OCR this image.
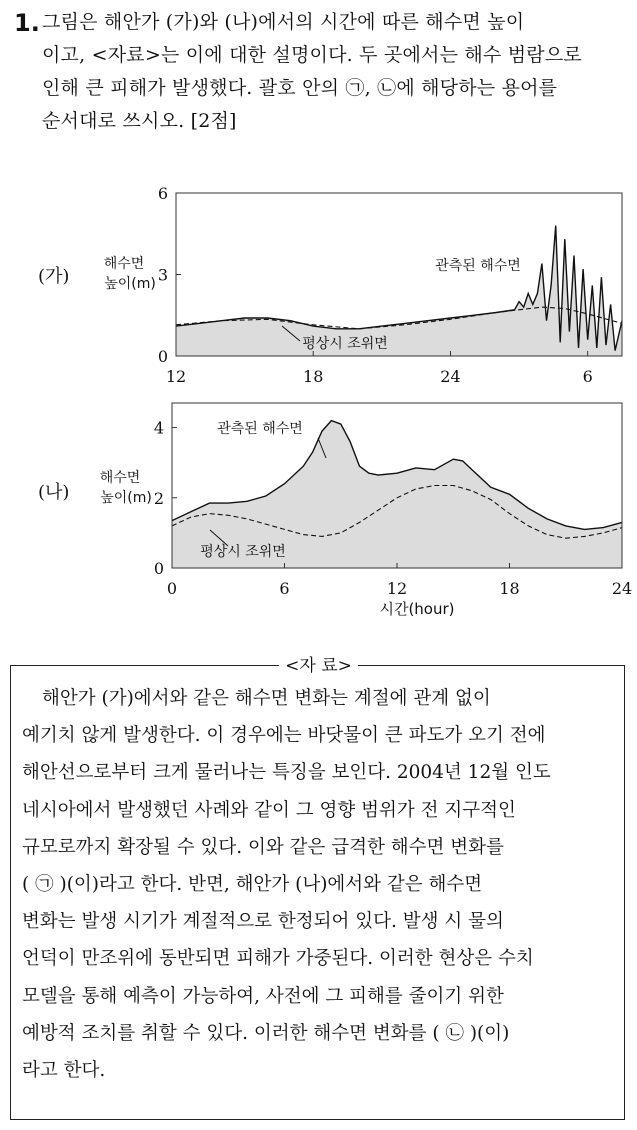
1. 그림은 해안가 (가)와 (나)에서의 시간에 따른 해수면 높이
이고, <자료>는 이에 대한 설명이다. 두 곳에서는 해수 범람으로
인해 큰 피해가 발생했다. 괄호 안의 ㉠, ㉡에 해당하는 용어를
순서대로 쓰시오. [2점]
0
3
6
12	18	24	6
(가)
해수면
높이(m)
관측된 해수면
평상시 조위면
0
2
4
0	6	12	18	24
(나)
해수면
높이(m)
시간(hour)
관측된 해수면
평상시 조위면
<자 료>
해안가 (가)에서와 같은 해수면 변화는 계절에 관계 없이
예기치 않게 발생한다. 이 경우에는 바닷물이 큰 파도가 오기 전에
해안선으로부터 크게 물러나는 특징을 보인다. 2004년 12월 인도
네시아에서 발생했던 사례와 같이 그 영향 범위가 전 지구적인
규모로까지 확장될 수 있다. 이와 같은 급격한 해수면 변화를
( ㉠ )(이)라고 한다. 반면, 해안가 (나)에서와 같은 해수면
변화는 발생 시기가 계절적으로 한정되어 있다. 발생 시 물의
언덕이 만조위에 동반되면 피해가 가중된다. 이러한 현상은 수치
모델을 통해 예측이 가능하여, 사전에 그 피해를 줄이기 위한
예방적 조치를 취할 수 있다. 이러한 해수면 변화를 ( ㉡ )(이)
라고 한다.
